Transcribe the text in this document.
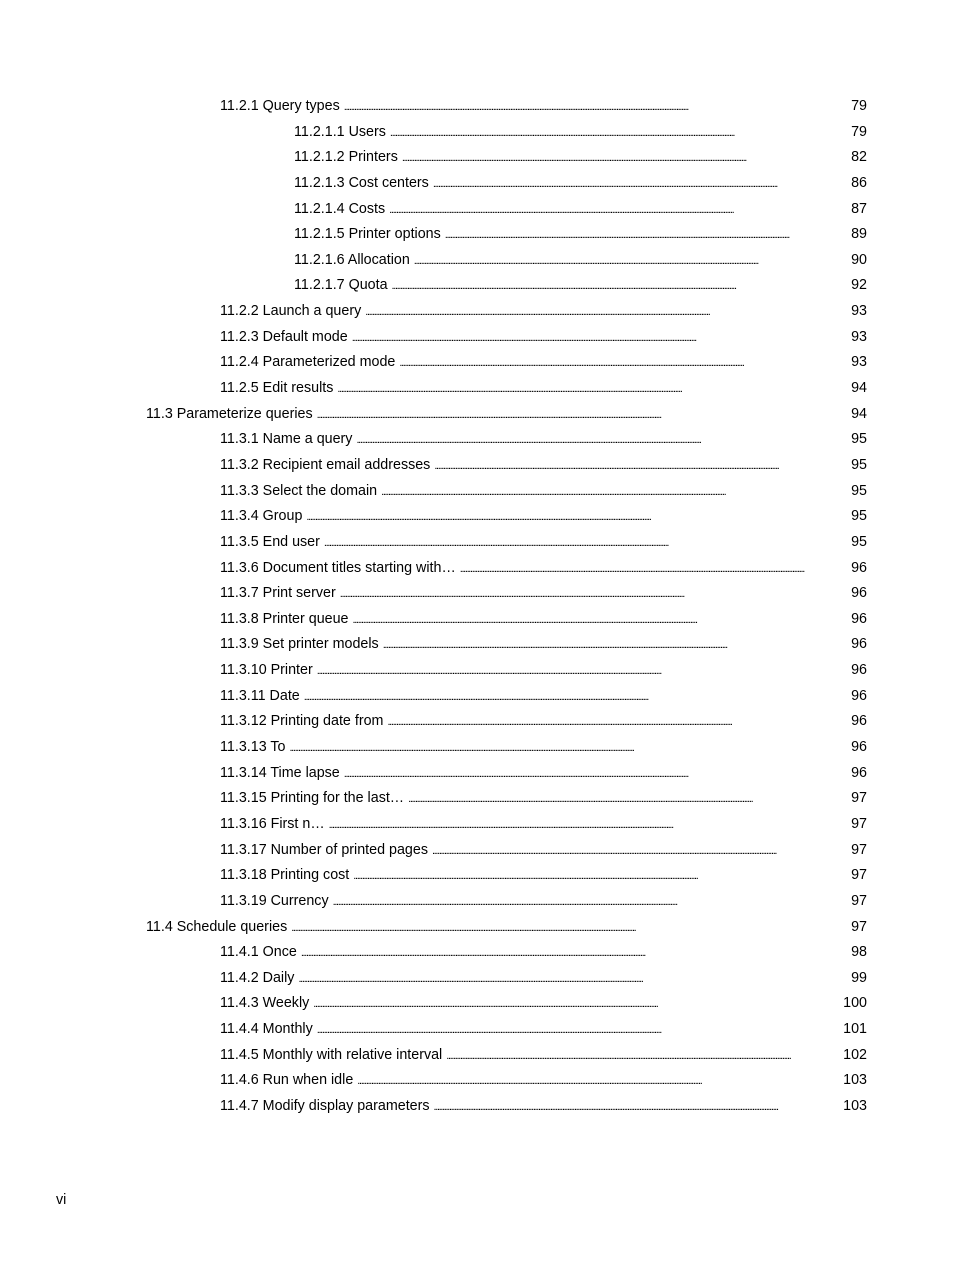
11.2.1 Query types . . .	79
11.2.1.1 Users . . .	79
11.2.1.2 Printers . . .	82
11.2.1.3 Cost centers . . .	86
11.2.1.4 Costs . . .	87
11.2.1.5 Printer options . . .	89
11.2.1.6 Allocation . . .	90
11.2.1.7 Quota . . .	92
11.2.2 Launch a query . . .	93
11.2.3 Default mode . . .	93
11.2.4 Parameterized mode . . .	93
11.2.5 Edit results . . .	94
11.3 Parameterize queries . . .	94
11.3.1 Name a query . . .	95
11.3.2 Recipient email addresses . . .	95
11.3.3 Select the domain . . .	95
11.3.4 Group . . .	95
11.3.5 End user . . .	95
11.3.6 Document titles starting with… . . .	96
11.3.7 Print server . . .	96
11.3.8 Printer queue . . .	96
11.3.9 Set printer models . . .	96
11.3.10 Printer . . .	96
11.3.11 Date . . .	96
11.3.12 Printing date from . . .	96
11.3.13 To . . .	96
11.3.14 Time lapse . . .	96
11.3.15 Printing for the last… . . .	97
11.3.16 First n… . . .	97
11.3.17 Number of printed pages . . .	97
11.3.18 Printing cost . . .	97
11.3.19 Currency . . .	97
11.4 Schedule queries . . .	97
11.4.1 Once . . .	98
11.4.2 Daily . . .	99
11.4.3 Weekly . . .	100
11.4.4 Monthly . . .	101
11.4.5 Monthly with relative interval . . .	102
11.4.6 Run when idle . . .	103
11.4.7 Modify display parameters . . .	103
vi
